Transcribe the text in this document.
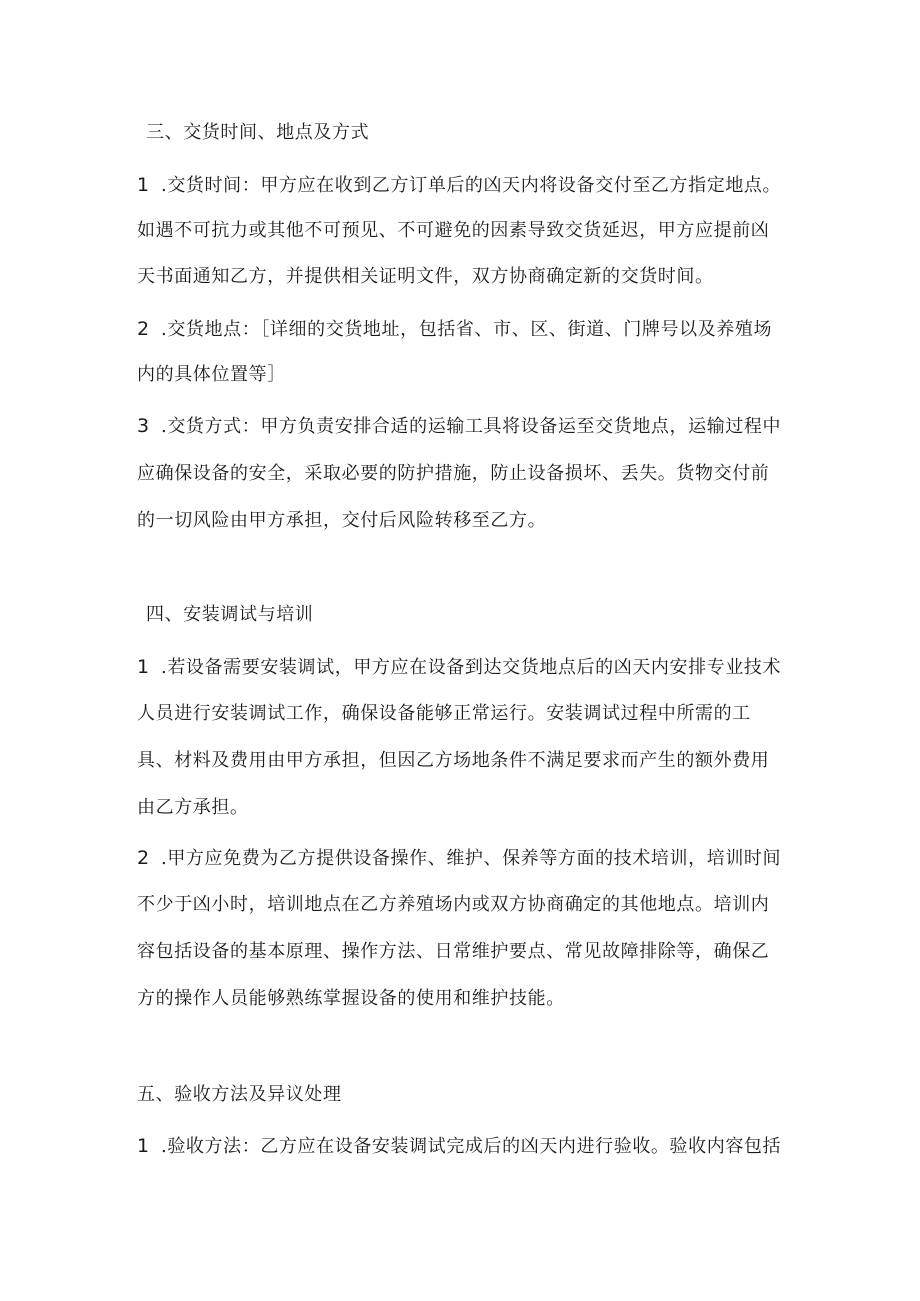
三、交货时间、地点及方式
1 .交货时间：甲方应在收到乙方订单后的凶天内将设备交付至乙方指定地点。
如遇不可抗力或其他不可预见、不可避免的因素导致交货延迟，甲方应提前凶
天书面通知乙方，并提供相关证明文件，双方协商确定新的交货时间。
2 .交货地点：［详细的交货地址，包括省、市、区、街道、门牌号以及养殖场
内的具体位置等］
3 .交货方式：甲方负责安排合适的运输工具将设备运至交货地点，运输过程中
应确保设备的安全，采取必要的防护措施，防止设备损坏、丢失。货物交付前
的一切风险由甲方承担，交付后风险转移至乙方。
四、安装调试与培训
1 .若设备需要安装调试，甲方应在设备到达交货地点后的凶天内安排专业技术
人员进行安装调试工作，确保设备能够正常运行。安装调试过程中所需的工
具、材料及费用由甲方承担，但因乙方场地条件不满足要求而产生的额外费用
由乙方承担。
2 .甲方应免费为乙方提供设备操作、维护、保养等方面的技术培训，培训时间
不少于凶小时，培训地点在乙方养殖场内或双方协商确定的其他地点。培训内
容包括设备的基本原理、操作方法、日常维护要点、常见故障排除等，确保乙
方的操作人员能够熟练掌握设备的使用和维护技能。
五、验收方法及异议处理
1 .验收方法：乙方应在设备安装调试完成后的凶天内进行验收。验收内容包括
